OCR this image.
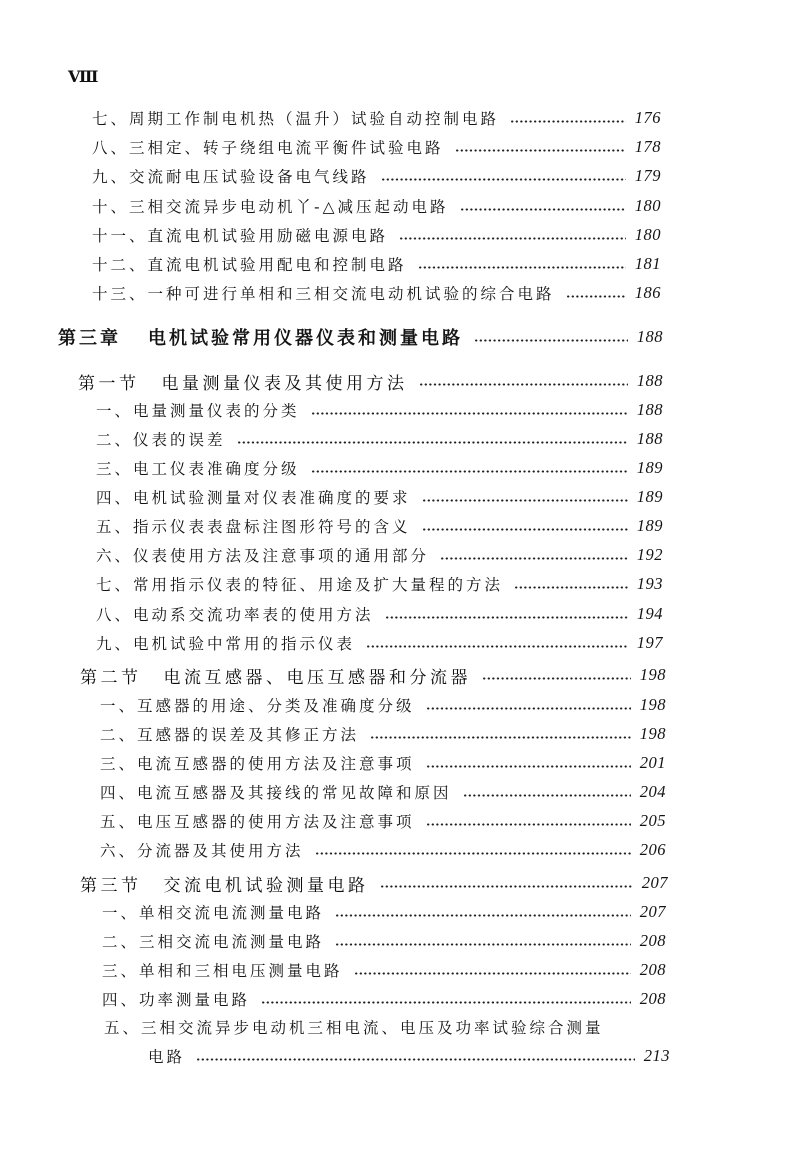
Ⅷ
七、周期工作制电机热（温升）试验自动控制电路	176
八、三相定、转子绕组电流平衡件试验电路	178
九、交流耐电压试验设备电气线路	179
十、三相交流异步电动机丫-△减压起动电路	180
十一、直流电机试验用励磁电源电路	180
十二、直流电机试验用配电和控制电路	181
十三、一种可进行单相和三相交流电动机试验的综合电路	186
第三章 电机试验常用仪器仪表和测量电路	188
第一节 电量测量仪表及其使用方法	188
一、电量测量仪表的分类	188
二、仪表的误差	188
三、电工仪表准确度分级	189
四、电机试验测量对仪表准确度的要求	189
五、指示仪表表盘标注图形符号的含义	189
六、仪表使用方法及注意事项的通用部分	192
七、常用指示仪表的特征、用途及扩大量程的方法	193
八、电动系交流功率表的使用方法	194
九、电机试验中常用的指示仪表	197
第二节 电流互感器、电压互感器和分流器	198
一、互感器的用途、分类及准确度分级	198
二、互感器的误差及其修正方法	198
三、电流互感器的使用方法及注意事项	201
四、电流互感器及其接线的常见故障和原因	204
五、电压互感器的使用方法及注意事项	205
六、分流器及其使用方法	206
第三节 交流电机试验测量电路	207
一、单相交流电流测量电路	207
二、三相交流电流测量电路	208
三、单相和三相电压测量电路	208
四、功率测量电路	208
五、三相交流异步电动机三相电流、电压及功率试验综合测量
电路	213
